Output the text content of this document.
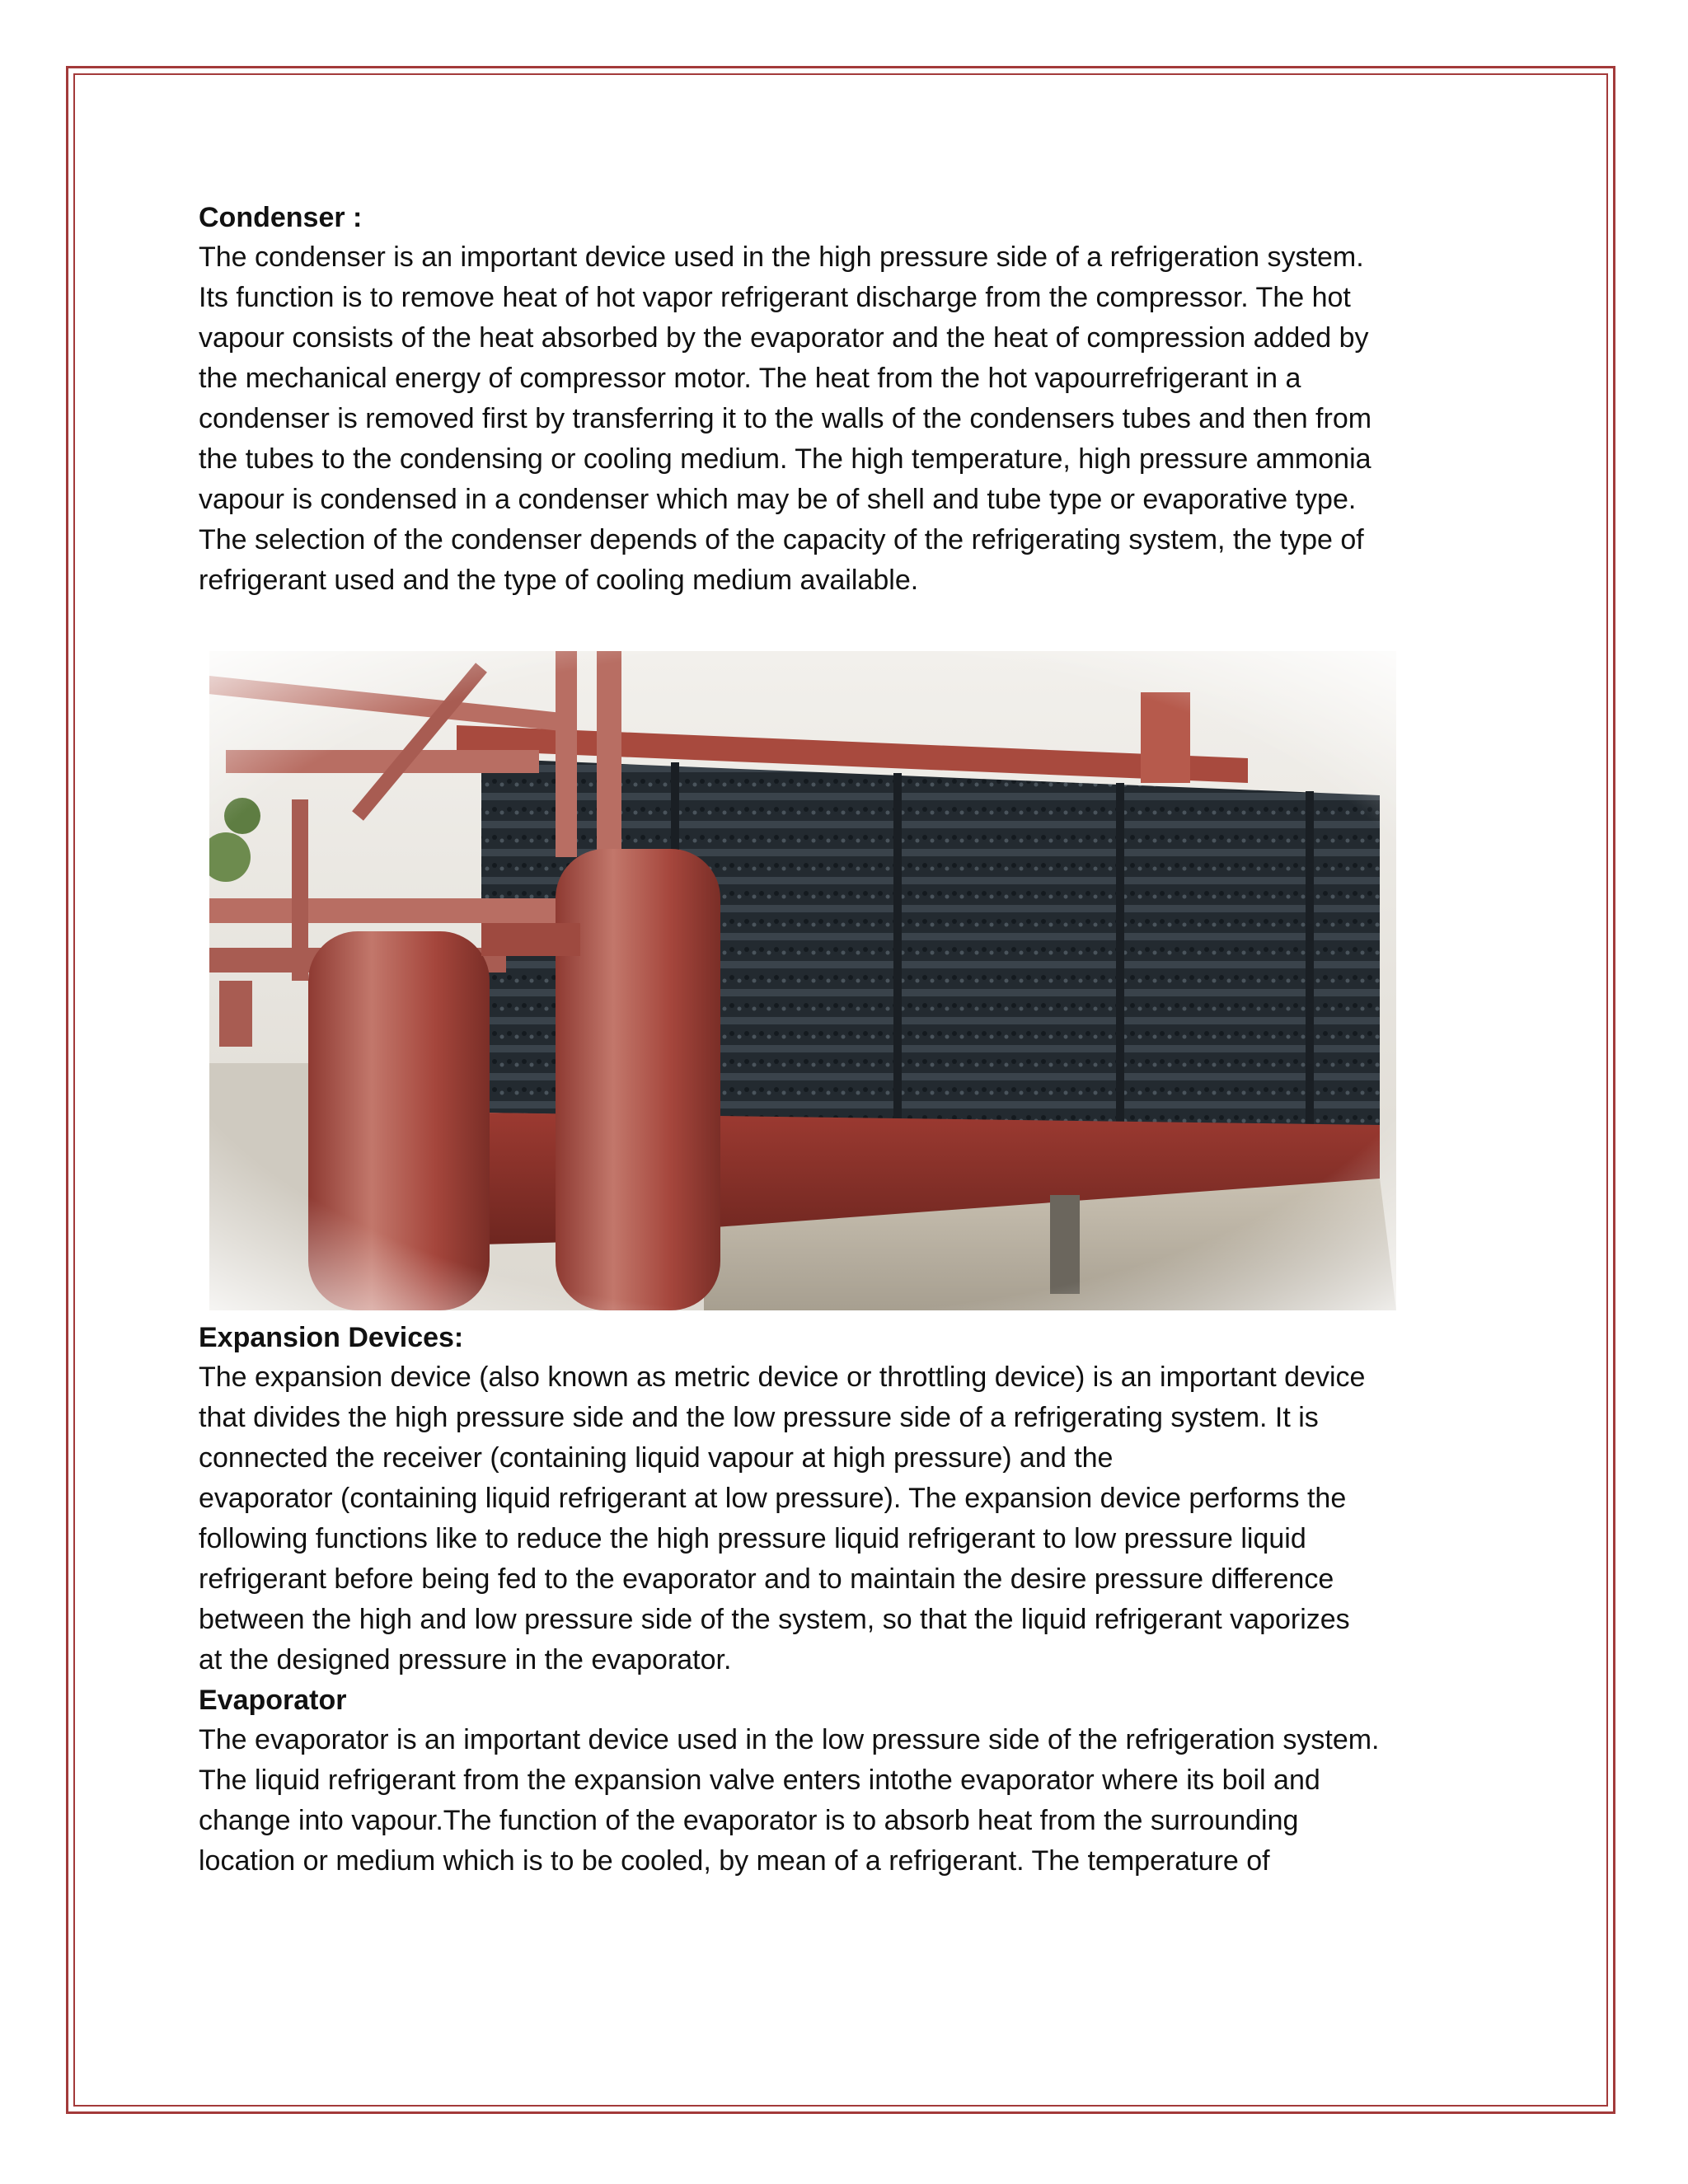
Condenser :

The condenser is an important device used in the high pressure side of a refrigeration system.
Its function is to remove heat of hot vapor refrigerant discharge from the compressor. The hot
vapour consists of the heat absorbed by the evaporator and the heat of compression added by
the mechanical energy of compressor motor. The heat from the hot vapourrefrigerant in a
condenser is removed first by transferring it to the walls of the condensers tubes and then from
the tubes to the condensing or cooling medium. The high temperature, high pressure ammonia
vapour is condensed in a condenser which may be of shell and tube type or evaporative type.
The selection of the condenser depends of the capacity of the refrigerating system, the type of
refrigerant used and the type of cooling medium available.

Expansion Devices:

The expansion device (also known as metric device or throttling device) is an important device
that divides the high pressure side and the low pressure side of a refrigerating system. It is
connected the receiver (containing liquid vapour at high pressure) and the
evaporator (containing liquid refrigerant at low pressure). The expansion device performs the
following functions like to reduce the high pressure liquid refrigerant to low pressure liquid
refrigerant before being fed to the evaporator and to maintain the desire pressure difference
between the high and low pressure side of the system, so that the liquid refrigerant vaporizes
at the designed pressure in the evaporator.

Evaporator

The evaporator is an important device used in the low pressure side of the refrigeration system.
The liquid refrigerant from the expansion valve enters intothe evaporator where its boil and
change into vapour.The function of the evaporator is to absorb heat from the surrounding
location or medium which is to be cooled, by mean of a refrigerant. The temperature of
